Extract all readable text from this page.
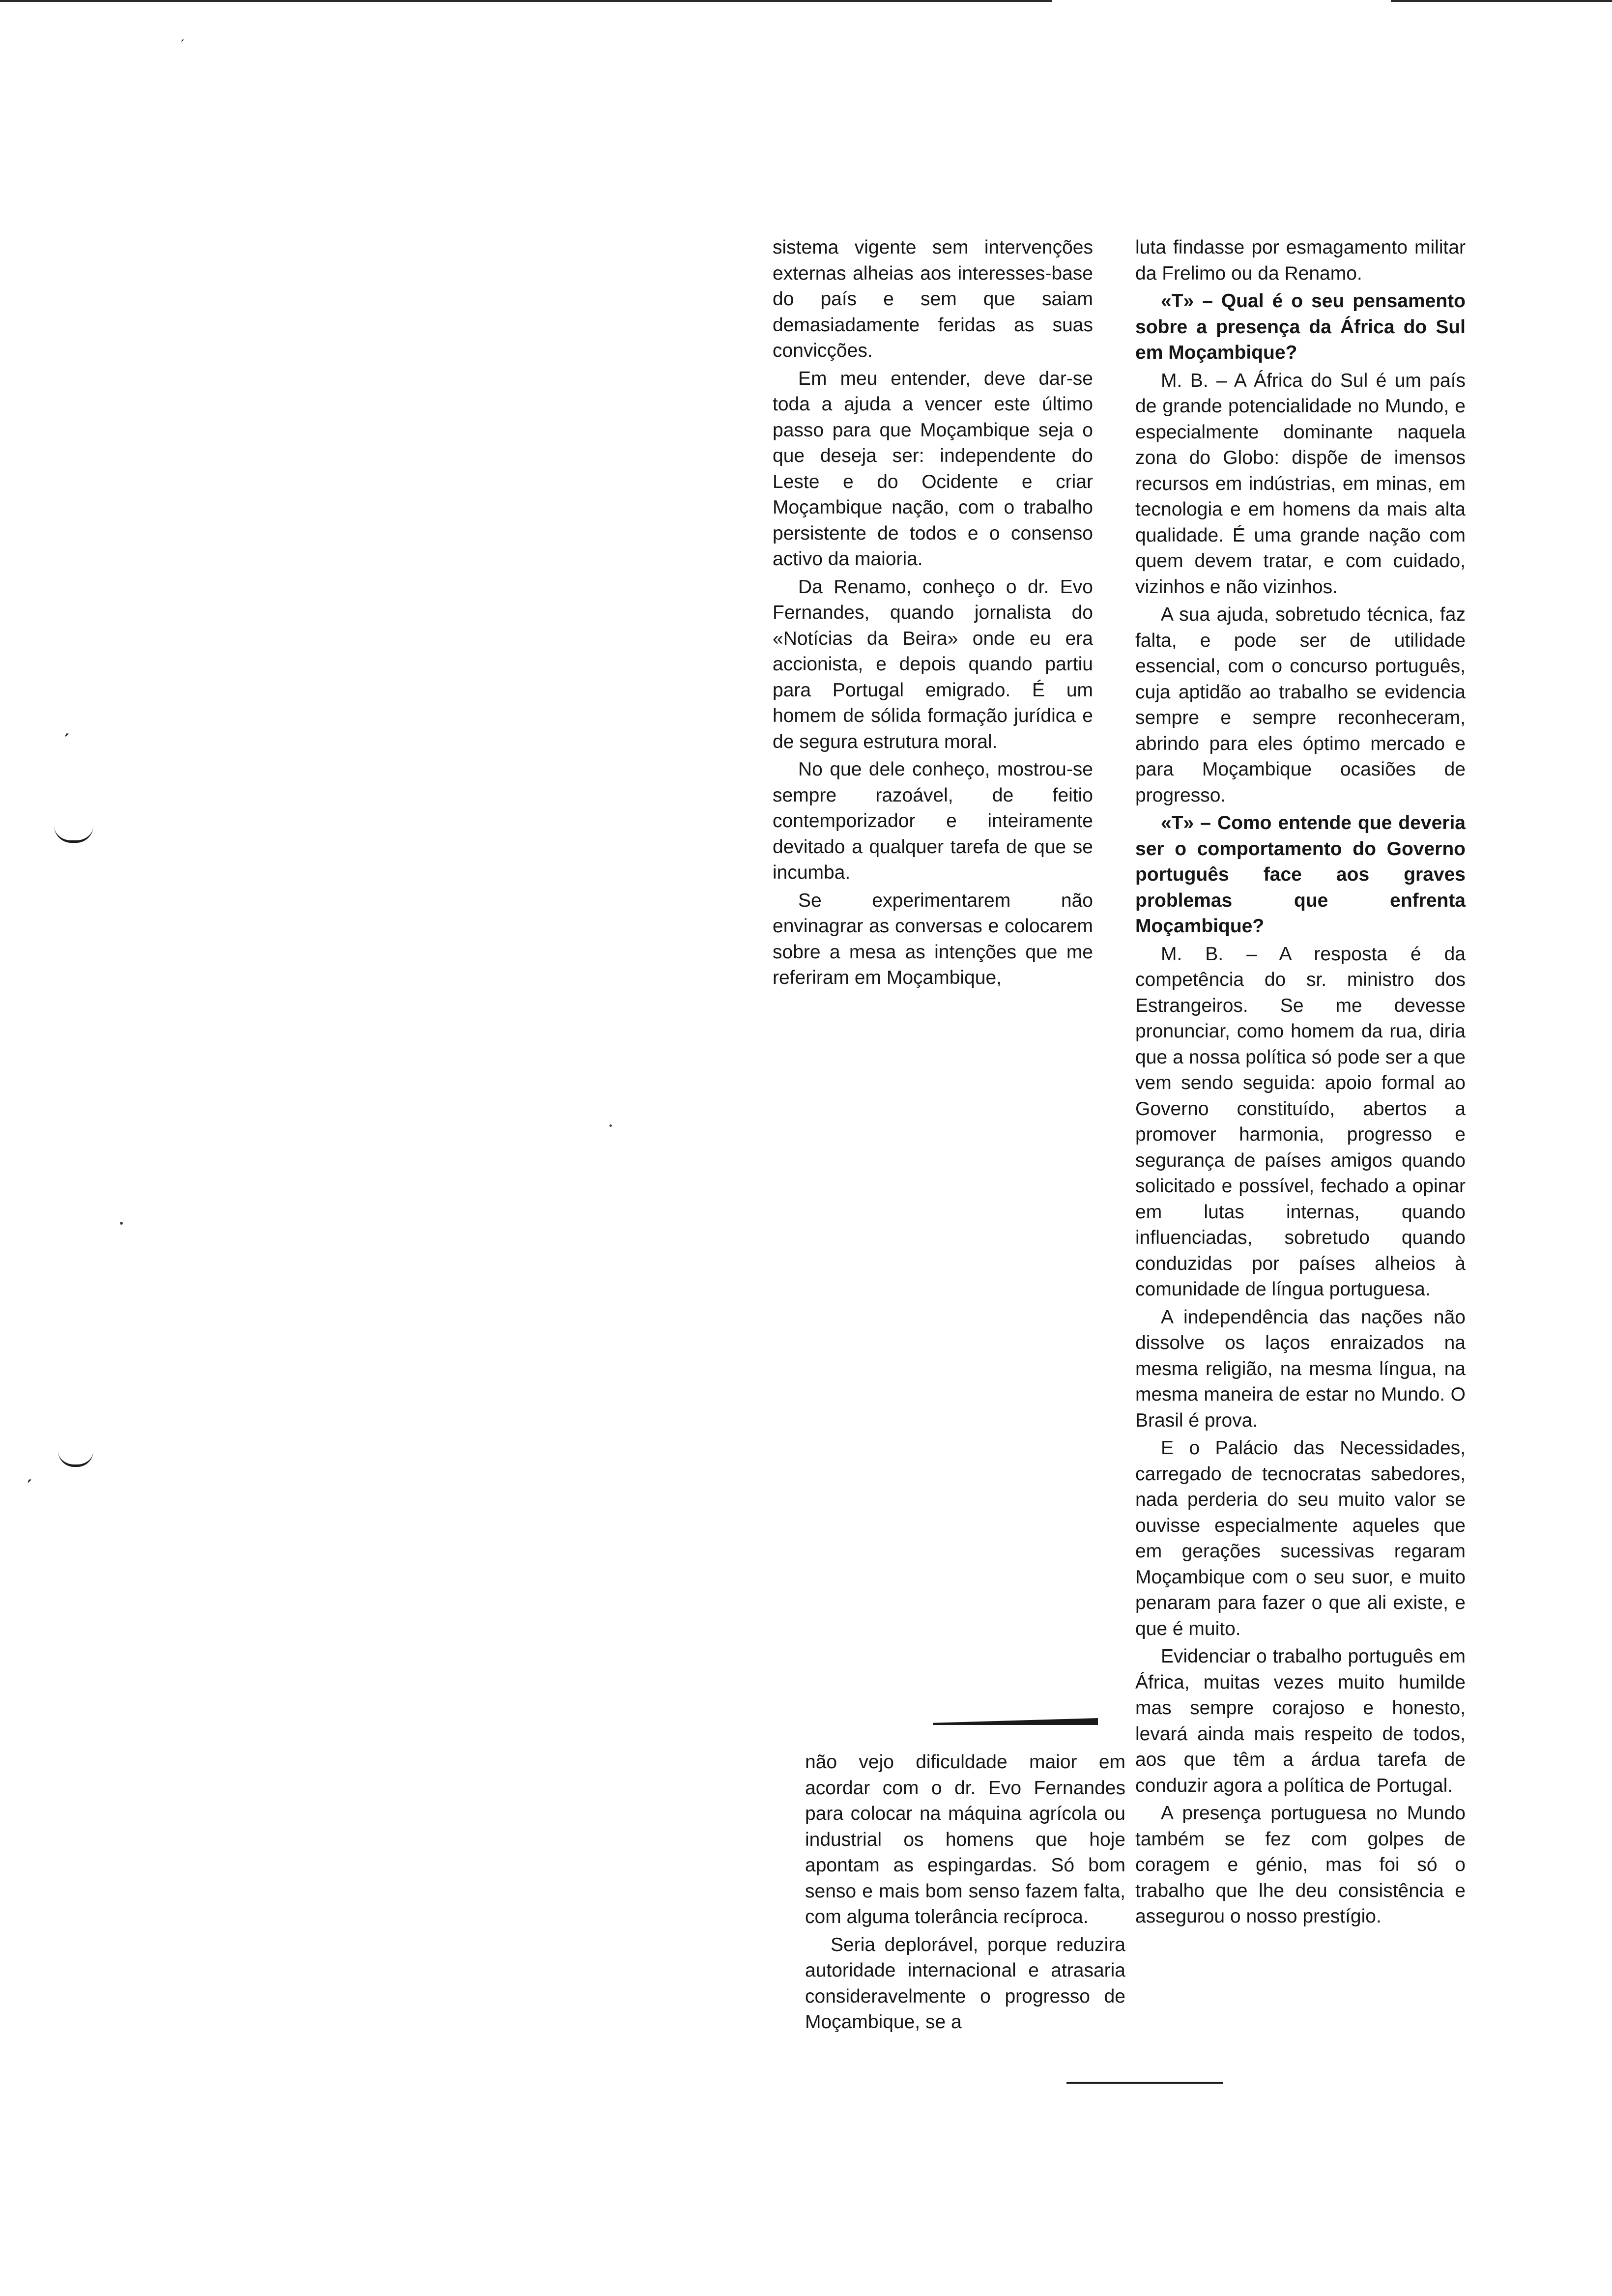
ˊ
ˊ
ˊ

sistema vigente sem intervenções externas alheias aos interesses-base do país e sem que saiam demasiadamente feridas as suas convicções.

Em meu entender, deve dar-se toda a ajuda a vencer este último passo para que Moçambique seja o que deseja ser: independente do Leste e do Ocidente e criar Moçambique nação, com o trabalho persistente de todos e o consenso activo da maioria.

Da Renamo, conheço o dr. Evo Fernandes, quando jornalista do «Notícias da Beira» onde eu era accionista, e depois quando partiu para Portugal emigrado. É um homem de sólida formação jurídica e de segura estrutura moral.

No que dele conheço, mostrou-se sempre razoável, de feitio contemporizador e inteiramente devitado a qualquer tarefa de que se incumba.

Se experimentarem não envinagrar as conversas e colocarem sobre a mesa as intenções que me referiram em Moçambique,

não vejo dificuldade maior em acordar com o dr. Evo Fernandes para colocar na máquina agrícola ou industrial os homens que hoje apontam as espingardas. Só bom senso e mais bom senso fazem falta, com alguma tolerância recíproca.

Seria deplorável, porque reduzira autoridade internacional e atrasaria consideravelmente o progresso de Moçambique, se a

luta findasse por esmagamento militar da Frelimo ou da Renamo.

«T» – Qual é o seu pensamento sobre a presença da África do Sul em Moçambique?

M. B. – A África do Sul é um país de grande potencialidade no Mundo, e especialmente dominante naquela zona do Globo: dispõe de imensos recursos em indústrias, em minas, em tecnologia e em homens da mais alta qualidade. É uma grande nação com quem devem tratar, e com cuidado, vizinhos e não vizinhos.

A sua ajuda, sobretudo técnica, faz falta, e pode ser de utilidade essencial, com o concurso português, cuja aptidão ao trabalho se evidencia sempre e sempre reconheceram, abrindo para eles óptimo mercado e para Moçambique ocasiões de progresso.

«T» – Como entende que deveria ser o comportamento do Governo português face aos graves problemas que enfrenta Moçambique?

M. B. – A resposta é da competência do sr. ministro dos Estrangeiros. Se me devesse pronunciar, como homem da rua, diria que a nossa política só pode ser a que vem sendo seguida: apoio formal ao Governo constituído, abertos a promover harmonia, progresso e segurança de países amigos quando solicitado e possível, fechado a opinar em lutas internas, quando influenciadas, sobretudo quando conduzidas por países alheios à comunidade de língua portuguesa.

A independência das nações não dissolve os laços enraizados na mesma religião, na mesma língua, na mesma maneira de estar no Mundo. O Brasil é prova.

E o Palácio das Necessidades, carregado de tecnocratas sabedores, nada perderia do seu muito valor se ouvisse especialmente aqueles que em gerações sucessivas regaram Moçambique com o seu suor, e muito penaram para fazer o que ali existe, e que é muito.

Evidenciar o trabalho português em África, muitas vezes muito humilde mas sempre corajoso e honesto, levará ainda mais respeito de todos, aos que têm a árdua tarefa de conduzir agora a política de Portugal.

A presença portuguesa no Mundo também se fez com golpes de coragem e génio, mas foi só o trabalho que lhe deu consistência e assegurou o nosso prestígio.
